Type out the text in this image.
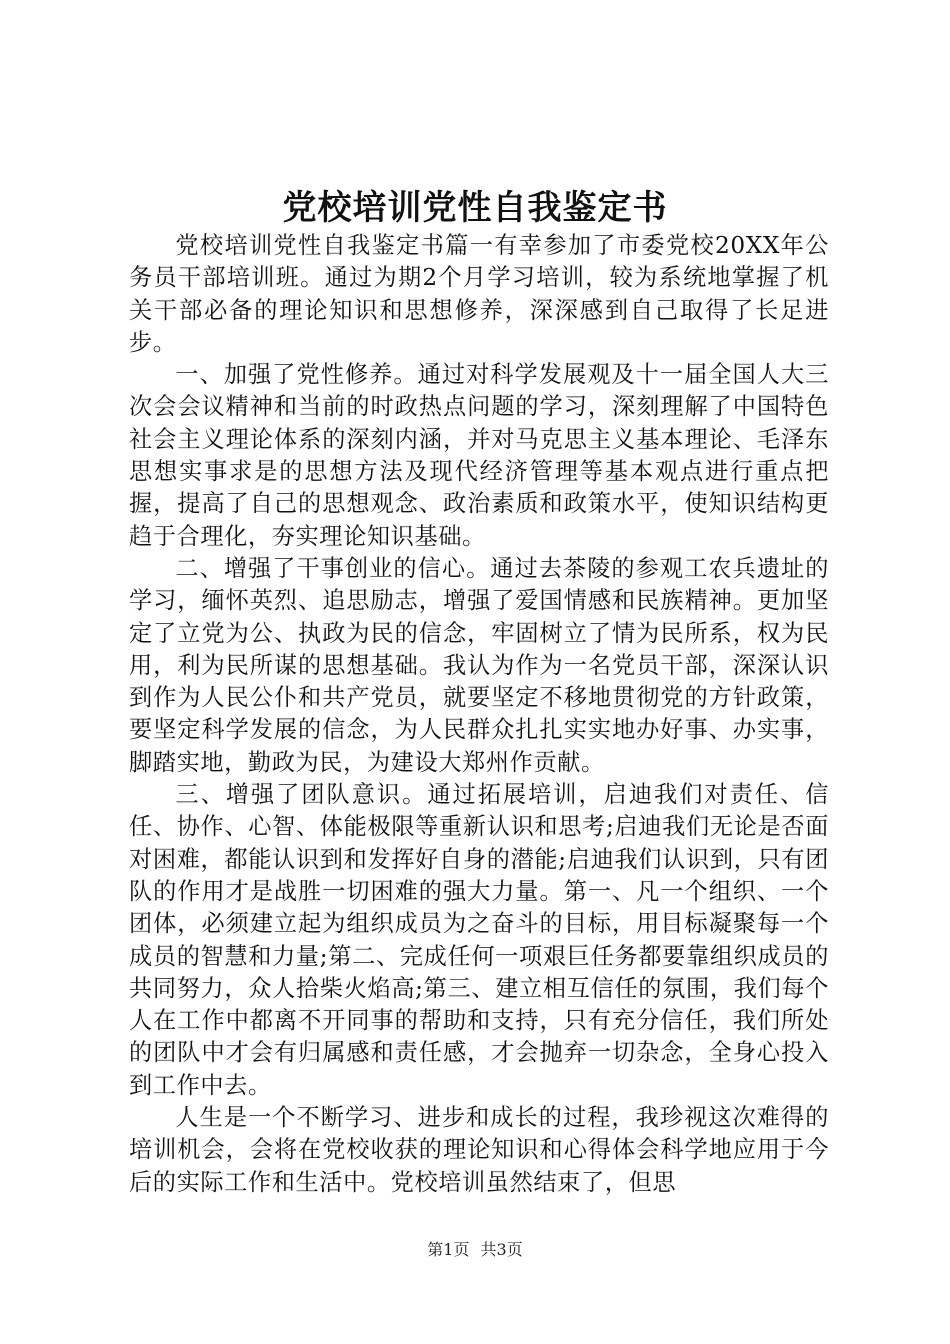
党校培训党性自我鉴定书

党校培训党性自我鉴定书篇一有幸参加了市委党校20XX年公务员干部培训班。通过为期2个月学习培训，较为系统地掌握了机关干部必备的理论知识和思想修养，深深感到自己取得了长足进步。

一、加强了党性修养。通过对科学发展观及十一届全国人大三次会会议精神和当前的时政热点问题的学习，深刻理解了中国特色社会主义理论体系的深刻内涵，并对马克思主义基本理论、毛泽东思想实事求是的思想方法及现代经济管理等基本观点进行重点把握，提高了自己的思想观念、政治素质和政策水平，使知识结构更趋于合理化，夯实理论知识基础。

二、增强了干事创业的信心。通过去茶陵的参观工农兵遗址的学习，缅怀英烈、追思励志，增强了爱国情感和民族精神。更加坚定了立党为公、执政为民的信念，牢固树立了情为民所系，权为民用，利为民所谋的思想基础。我认为作为一名党员干部，深深认识到作为人民公仆和共产党员，就要坚定不移地贯彻党的方针政策，要坚定科学发展的信念，为人民群众扎扎实实地办好事、办实事，脚踏实地，勤政为民，为建设大郑州作贡献。

三、增强了团队意识。通过拓展培训，启迪我们对责任、信任、协作、心智、体能极限等重新认识和思考;启迪我们无论是否面对困难，都能认识到和发挥好自身的潜能;启迪我们认识到，只有团队的作用才是战胜一切困难的强大力量。第一、凡一个组织、一个团体，必须建立起为组织成员为之奋斗的目标，用目标凝聚每一个成员的智慧和力量;第二、完成任何一项艰巨任务都要靠组织成员的共同努力，众人拾柴火焰高;第三、建立相互信任的氛围，我们每个人在工作中都离不开同事的帮助和支持，只有充分信任，我们所处的团队中才会有归属感和责任感，才会抛弃一切杂念，全身心投入到工作中去。

人生是一个不断学习、进步和成长的过程，我珍视这次难得的培训机会，会将在党校收获的理论知识和心得体会科学地应用于今后的实际工作和生活中。党校培训虽然结束了，但思

第1页 共3页
